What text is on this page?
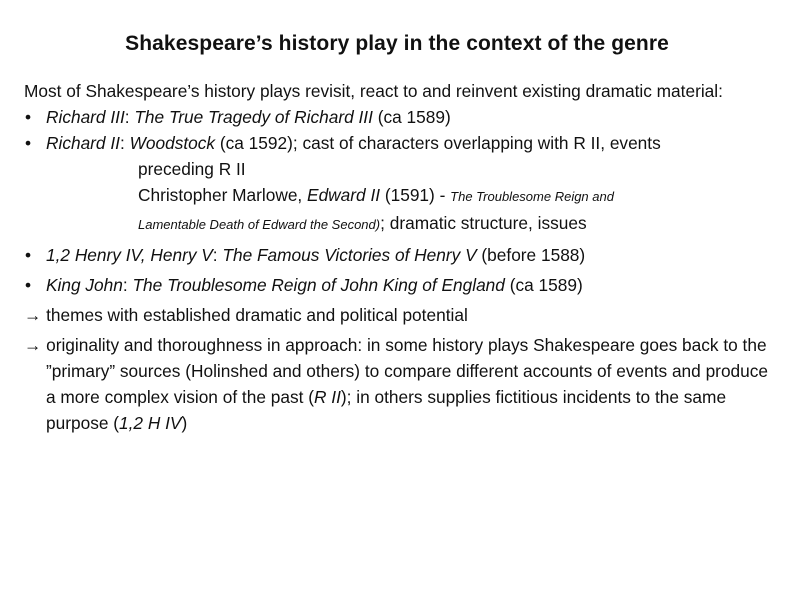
Shakespeare’s history play in the context of the genre

Most of Shakespeare’s history plays revisit, react to and reinvent existing dramatic material:

• Richard III: The True Tragedy of Richard III (ca 1589)

• Richard II: Woodstock (ca 1592); cast of characters overlapping with R II, events

preceding R II

Christopher Marlowe, Edward II (1591) - The Troublesome Reign and

Lamentable Death of Edward the Second); dramatic structure, issues

• 1,2 Henry IV, Henry V: The Famous Victories of Henry V (before 1588)

• King John: The Troublesome Reign of John King of England (ca 1589)

→ themes with established dramatic and political potential

→ originality and thoroughness in approach: in some history plays Shakespeare goes back to the ”primary” sources (Holinshed and others) to compare different accounts of events and produce a more complex vision of the past (R II); in others supplies fictitious incidents to the same purpose (1,2 H IV)
